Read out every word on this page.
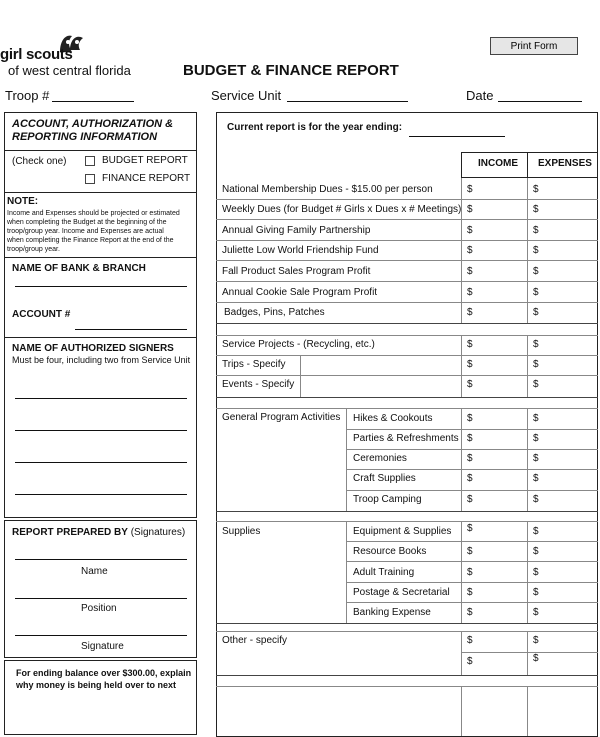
girl scouts
of west central florida	BUDGET & FINANCE REPORT
Print Form
Troop #	Service Unit	Date
ACCOUNT, AUTHORIZATION &
REPORTING INFORMATION
(Check one)	BUDGET REPORT
FINANCE REPORT
NOTE:
Income and Expenses should be projected or estimated
when completing the Budget at the beginning of the
troop/group year. Income and Expenses are actual
when completing the Finance Report at the end of the
troop/group year.
NAME OF BANK & BRANCH
ACCOUNT #
NAME OF AUTHORIZED SIGNERS
Must be four, including two from Service Unit
REPORT PREPARED BY (Signatures)
Name
Position
Signature
For ending balance over $300.00, explain
why money is being held over to next
Current report is for the year ending:
INCOME EXPENSES
National Membership Dues - $15.00 per person	$	$
Weekly Dues (for Budget # Girls x Dues x # Meetings) $	$
Annual Giving Family Partnership	$	$
Juliette Low World Friendship Fund	$	$
Fall Product Sales Program Profit	$	$
Annual Cookie Sale Program Profit	$	$
Badges, Pins, Patches	$	$
Service Projects - (Recycling, etc.)	$	$
Trips - Specify	$	$
Events - Specify	$	$
General Program Activities Hikes & Cookouts	$	$
Parties & Refreshments $	$
Ceremonies	$	$
Craft Supplies	$	$
Troop Camping	$	$
Supplies	Equipment & Supplies $	$
Resource Books	$	$
Adult Training	$	$
Postage & Secretarial $	$
Banking Expense	$	$
Other - specify	$	$
$	$
